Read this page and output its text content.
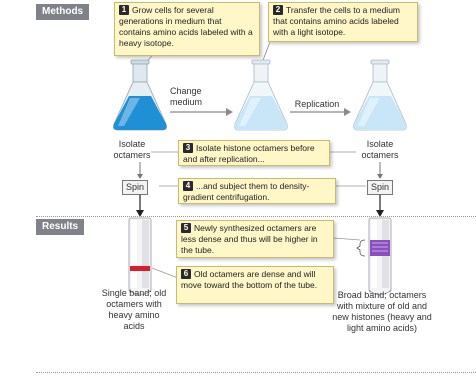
Methods
Results
1 Grow cells for several generations in medium that contains amino acids labeled with a heavy isotope.
2 Transfer the cells to a medium that contains amino acids labeled with a light isotope.
Change medium	Replication
Isolate octamers
Isolate octamers
Spin	Spin
3 Isolate histone octamers before and after replication...
4 ...and subject them to density-gradient centrifugation.
5 Newly synthesized octamers are less dense and thus will be higher in the tube.
6 Old octamers are dense and will move toward the bottom of the tube.
Single band; old octamers with heavy amino acids
Broad band; octamers with mixture of old and new histones (heavy and light amino acids)
